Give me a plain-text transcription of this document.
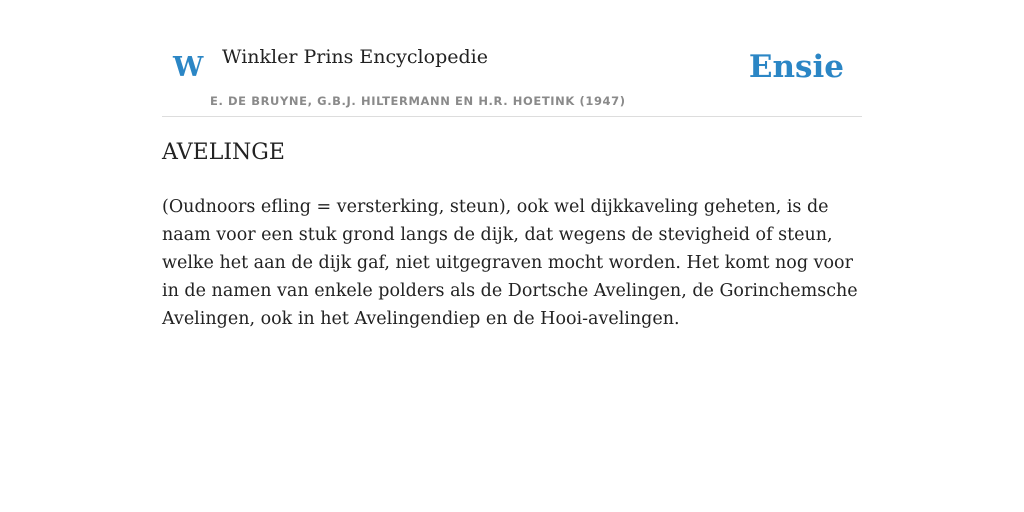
W Winkler Prins Encyclopedie
E. DE BRUYNE, G.B.J. HILTERMANN EN H.R. HOETINK (1947)
Ensie
AVELINGE

(Oudnoors efling = versterking, steun), ook wel dijkkaveling geheten, is de naam voor een stuk grond langs de dijk, dat wegens de stevigheid of steun, welke het aan de dijk gaf, niet uitgegraven mocht worden. Het komt nog voor in de namen van enkele polders als de Dortsche Avelingen, de Gorinchemsche Avelingen, ook in het Avelingendiep en de Hooi-avelingen.
